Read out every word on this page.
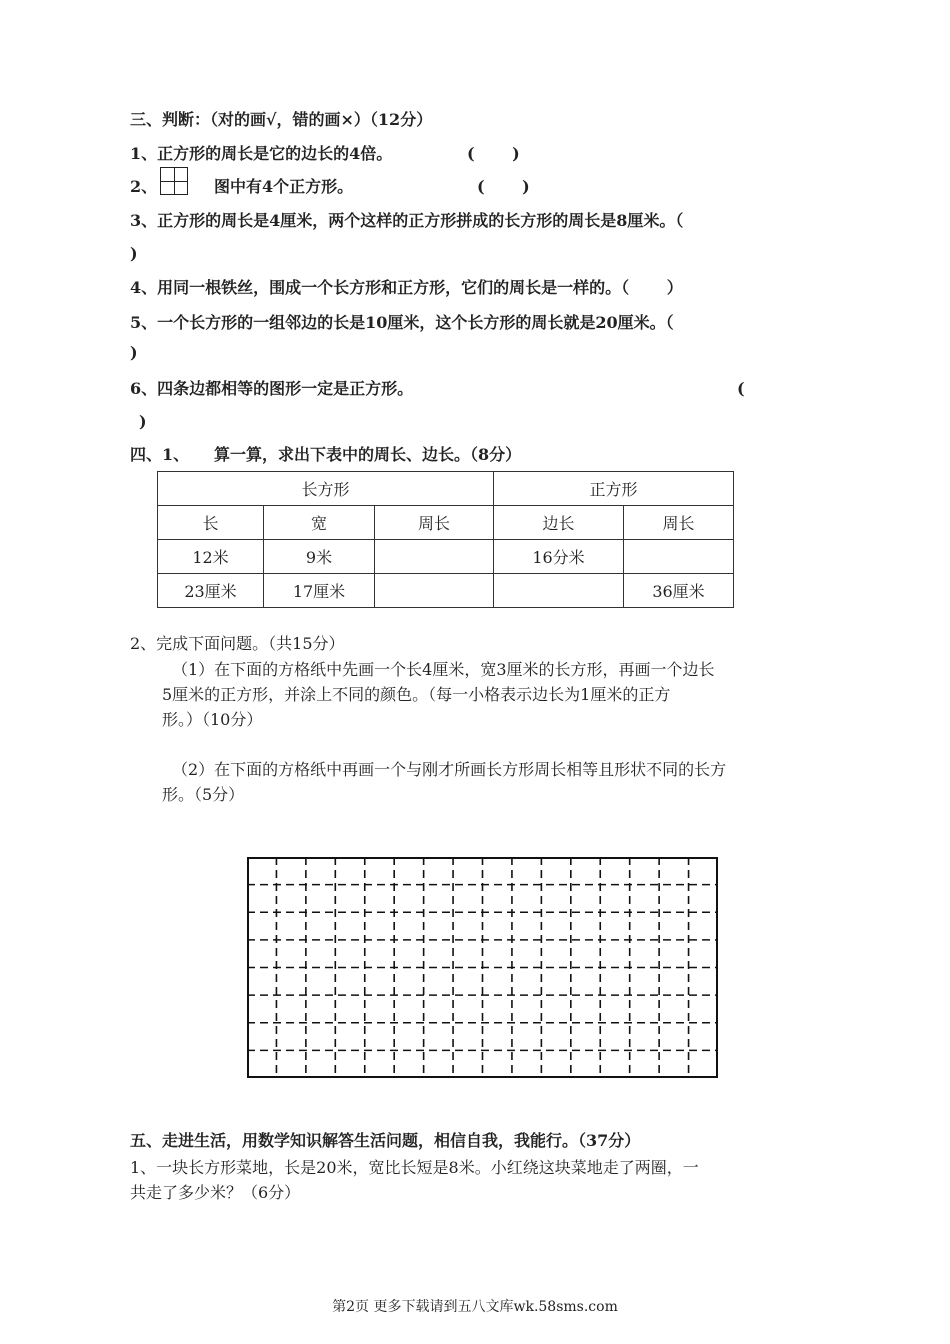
三、判断：（对的画√，错的画×）（12分）
1、正方形的周长是它的边长的4倍。	(　　 )
2、	图中有4个正方形。	(　　 )
3、正方形的周长是4厘米，两个这样的正方形拼成的长方形的周长是8厘米。（
)
4、用同一根铁丝，围成一个长方形和正方形，它们的周长是一样的。（　　 ）
5、一个长方形的一组邻边的长是10厘米，这个长方形的周长就是20厘米。（
)
6、四条边都相等的图形一定是正方形。	(
)
四、1、 算一算，求出下表中的周长、边长。（8分）
长方形			正方形	
长	宽	周长	边长	周长
12米	9米		16分米	
23厘米	17厘米			36厘米
2、完成下面问题。（共15分）
（1）在下面的方格纸中先画一个长4厘米，宽3厘米的长方形，再画一个边长
5厘米的正方形，并涂上不同的颜色。（每一小格表示边长为1厘米的正方
形。）（10分）
（2）在下面的方格纸中再画一个与刚才所画长方形周长相等且形状不同的长方
形。（5分）
五、走进生活，用数学知识解答生活问题，相信自我，我能行。（37分）
1、一块长方形菜地，长是20米，宽比长短是8米。小红绕这块菜地走了两圈，一
共走了多少米？（6分）
第2页 更多下载请到五八文库wk.58sms.com
